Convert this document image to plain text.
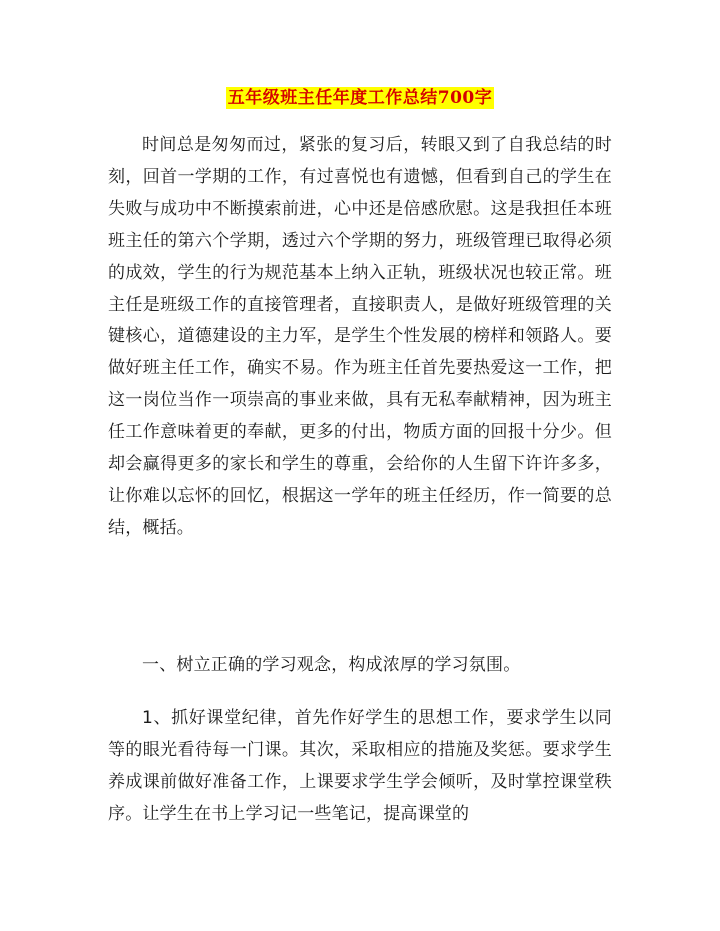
五年级班主任年度工作总结700字

时间总是匆匆而过，紧张的复习后，转眼又到了自我总结的时刻，回首一学期的工作，有过喜悦也有遗憾，但看到自己的学生在失败与成功中不断摸索前进，心中还是倍感欣慰。这是我担任本班班主任的第六个学期，透过六个学期的努力，班级管理已取得必须的成效，学生的行为规范基本上纳入正轨，班级状况也较正常。班主任是班级工作的直接管理者，直接职责人，是做好班级管理的关键核心，道德建设的主力军，是学生个性发展的榜样和领路人。要做好班主任工作，确实不易。作为班主任首先要热爱这一工作，把这一岗位当作一项崇高的事业来做，具有无私奉献精神，因为班主任工作意味着更的奉献，更多的付出，物质方面的回报十分少。但却会赢得更多的家长和学生的尊重，会给你的人生留下许许多多，让你难以忘怀的回忆，根据这一学年的班主任经历，作一简要的总结，概括。

一、树立正确的学习观念，构成浓厚的学习氛围。

1、抓好课堂纪律，首先作好学生的思想工作，要求学生以同等的眼光看待每一门课。其次，采取相应的措施及奖惩。要求学生养成课前做好准备工作，上课要求学生学会倾听，及时掌控课堂秩序。让学生在书上学习记一些笔记，提高课堂的
